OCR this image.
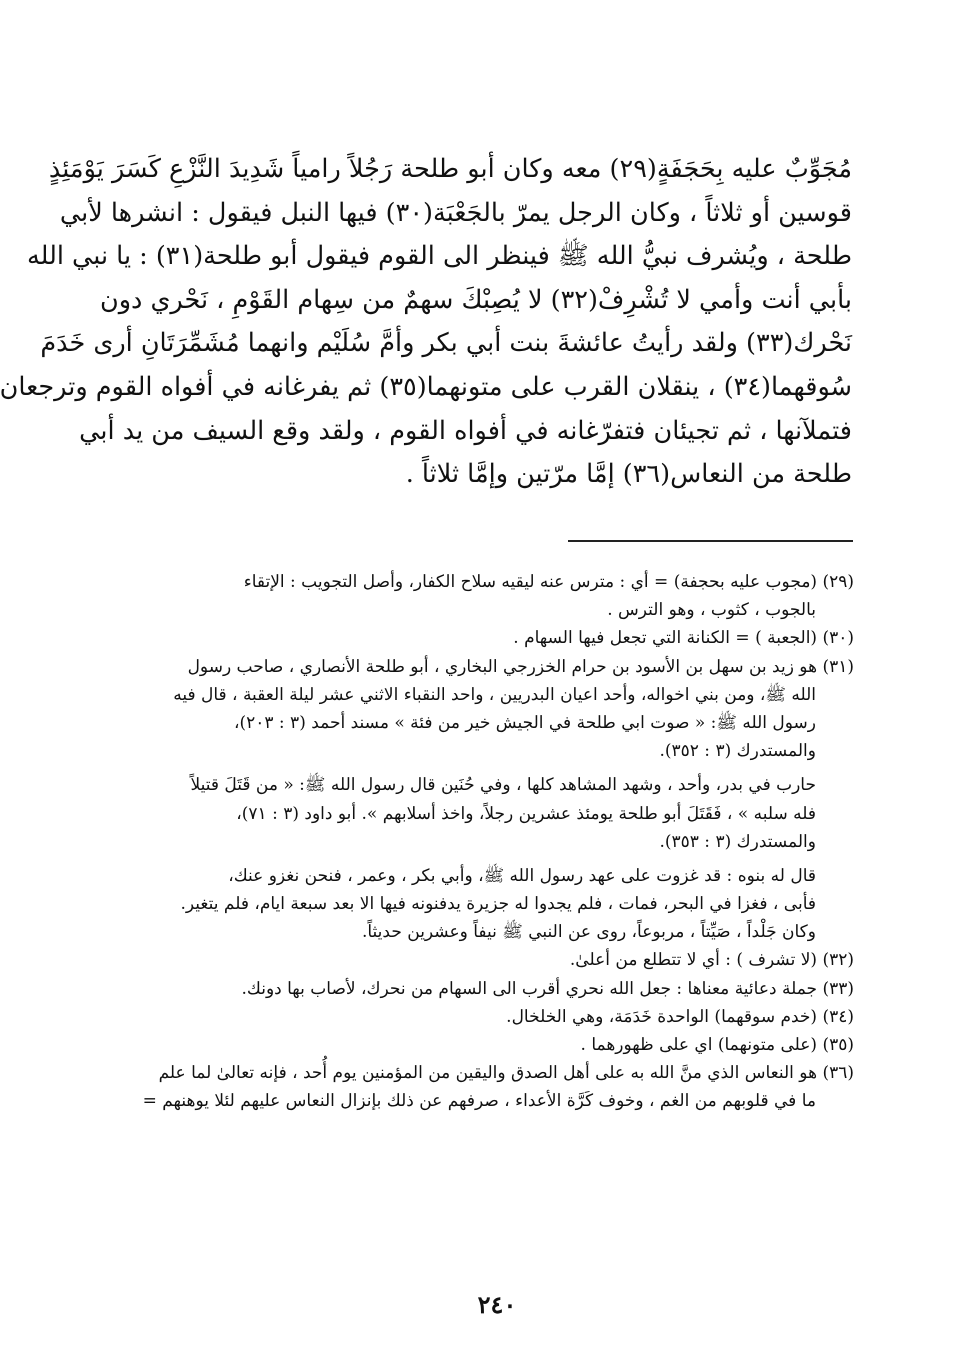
مُجَوِّبٌ عليه بِحَجَفَةٍ(٢٩) معه وكان أبو طلحة رَجُلاً رامياً شَدِيدَ النَّزْعِ كَسَرَ يَوْمَئِذٍ
قوسين أو ثلاثاً ، وكان الرجل يمرّ بالجَعْبَة(٣٠) فيها النبل فيقول : انشرها لأبي
طلحة ، ويُشرف نبيُّ الله ﷺ فينظر الى القوم فيقول أبو طلحة(٣١) : يا نبي الله
بأبي أنت وأمي لا تُشْرِفْ(٣٢) لا يُصِبْكَ سهمٌ من سِهام القَوْمِ ، نَحْري دون
نَحْرك(٣٣) ولقد رأيتُ عائشةَ بنت أبي بكر وأمَّ سُلَيْم وانهما مُشَمِّرَتَانِ أرى خَدَمَ
سُوقهما(٣٤) ، ينقلان القرب على متونهما(٣٥) ثم يفرغانه في أفواه القوم وترجعان
فتملآنها ، ثم تجيئان فتفرّغانه في أفواه القوم ، ولقد وقع السيف من يد أبي
طلحة من النعاس(٣٦) إمَّا مرّتين وإمَّا ثلاثاً .
(٢٩) (مجوب عليه بحجفة) = أي : مترس عنه ليقيه سلاح الكفار، وأصل التجويب : الإتقاء
بالجوب ، كثوب ، وهو الترس .
(٣٠) (الجعبة ) = الكنانة التي تجعل فيها السهام .
(٣١) هو زيد بن سهل بن الأسود بن حرام الخزرجي البخاري ، أبو طلحة الأنصاري ، صاحب رسول
الله ﷺ، ومن بني اخواله، وأحد اعيان البدريين ، واحد النقباء الاثني عشر ليلة العقبة ، قال فيه
رسول الله ﷺ: « صوت ابي طلحة في الجيش خير من فئة » مسند أحمد (٣ : ٢٠٣)،
والمستدرك (٣ : ٣٥٢).
حارب في بدر، وأحد ، وشهد المشاهد كلها ، وفي حُنَين قال رسول الله ﷺ: « من قَتَلَ قتيلاً
فله سلبه » ، فَقَتَلَ أبو طلحة يومئذ عشرين رجلاً، واخذ أسلابهم ». أبو داود (٣ : ٧١)،
والمستدرك (٣ : ٣٥٣).
قال له بنوه : قد غزوت على عهد رسول الله ﷺ، وأبي بكر ، وعمر ، فنحن نغزو عنك،
فأبى ، فغزا في البحر، فمات ، فلم يجدوا له جزيرة يدفنونه فيها الا بعد سبعة ايام، فلم يتغير.
وكان جَلْداً ، صَيِّتاً ، مربوعاً، روى عن النبي ﷺ نيفاً وعشرين حديثاً.
(٣٢) (لا تشرف ) : أي لا تتطلع من أعلىٰ.
(٣٣) جملة دعائية معناها : جعل الله نحري أقرب الى السهام من نحرك، لأصاب بها دونك.
(٣٤) (خدم سوقهما) الواحدة خَدَمَة، وهي الخلخال.
(٣٥) (على متونهما) اي على ظهورهما .
(٣٦) هو النعاس الذي منَّ الله به على أهل الصدق واليقين من المؤمنين يوم أُحد ، فإنه تعالىٰ لما علم
ما في قلوبهم من الغم ، وخوف كَرَّة الأعداء ، صرفهم عن ذلك بإنزال النعاس عليهم لئلا يوهنهم =
٢٤٠
